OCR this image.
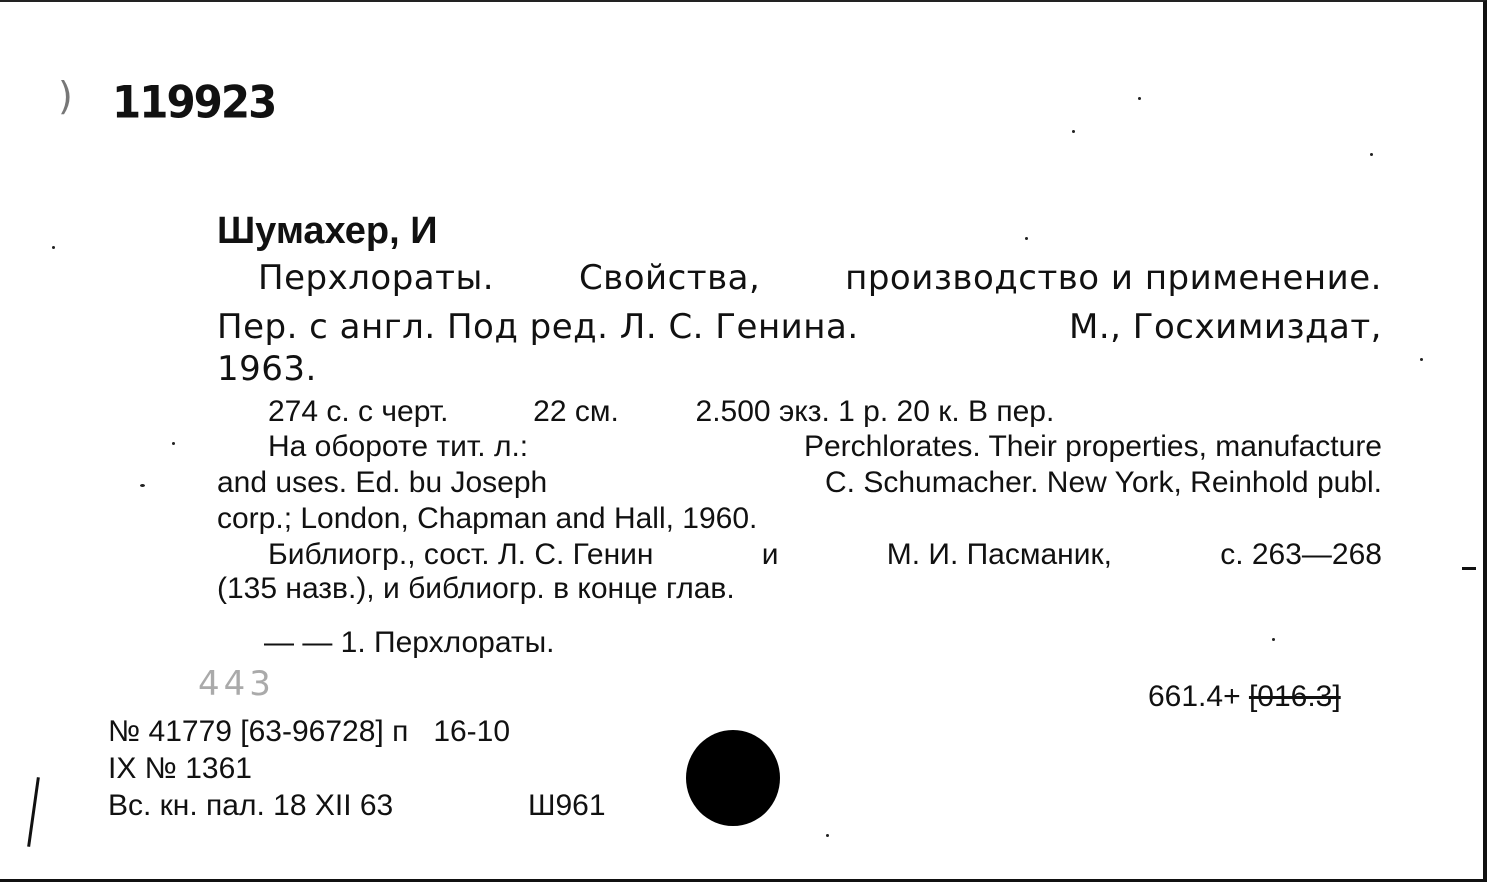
) 119923
Шумахер, И
Перхлораты. Свойства, производство и применение.
Пер. с англ. Под ред. Л. С. Генина.	М., Госхимиздат,
1963.
274 с. с черт.	22 см.	2.500 экз. 1 р. 20 к. В пер.
На обороте тит. л.:	Perchlorates. Their properties, manufacture
and uses. Ed. bu Joseph	C. Schumacher. New York, Reinhold publ.
corp.; London, Chapman and Hall, 1960.
Библиогр., сост. Л. С. Генин	и	М. И. Пасманик,	с. 263—268
(135 назв.), и библиогр. в конце глав.
— — 1. Перхлораты.
443	661.4+ [016.3]
№ 41779 [63-96728] п   16-10
IX № 1361
Вс. кн. пал. 18 XII 63	Ш961
